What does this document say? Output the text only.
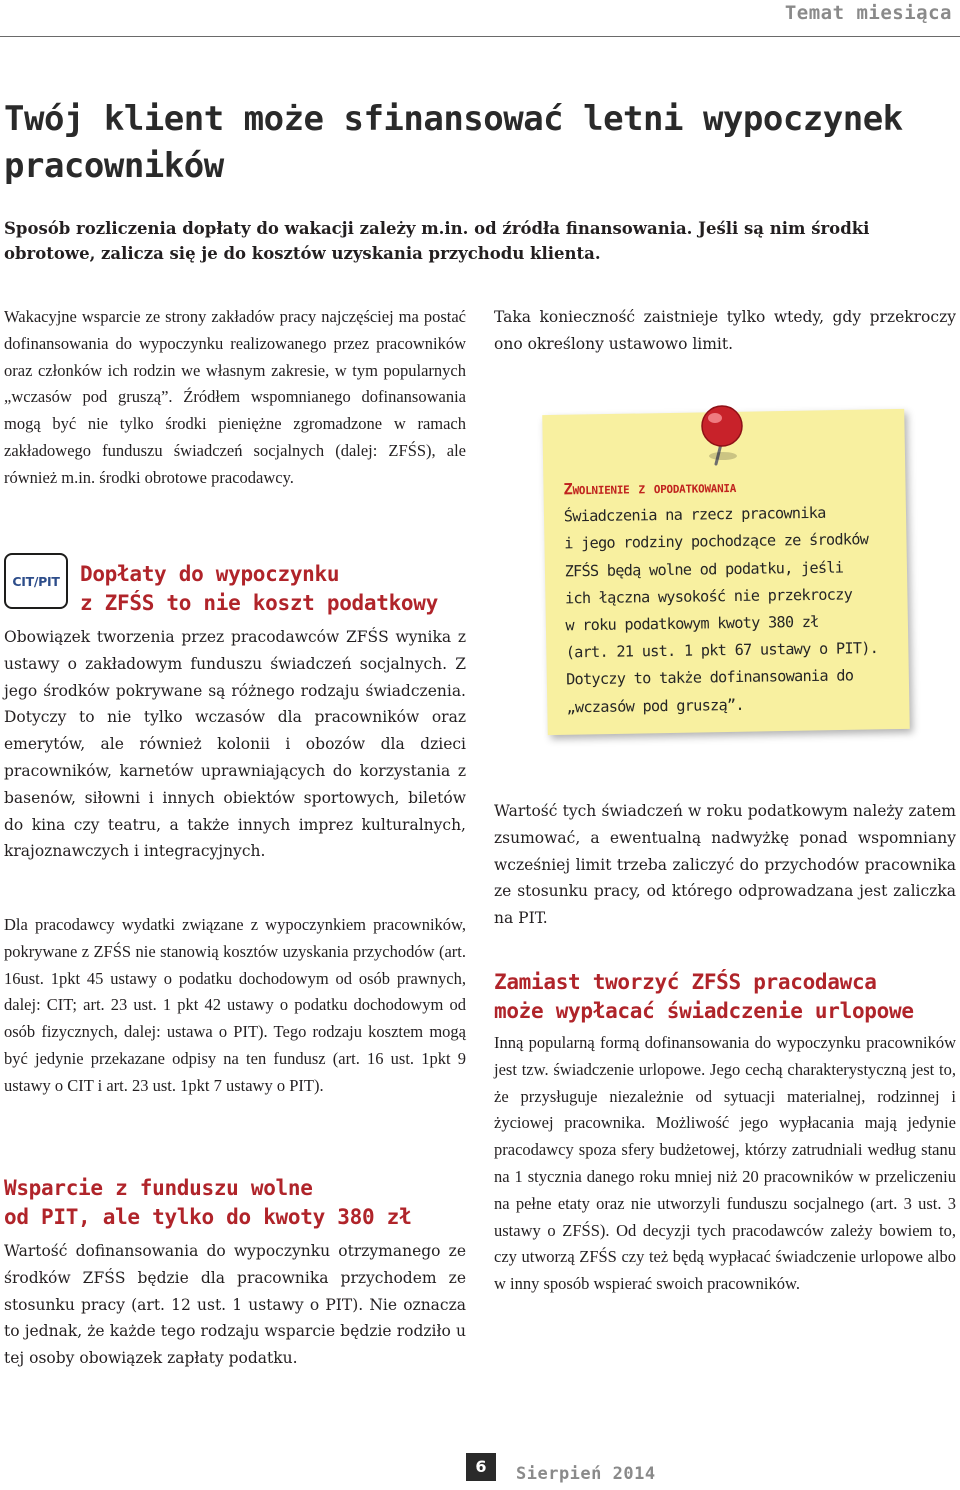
Temat miesiąca

Twój klient może sfinansować letni wypoczynek pracowników

Sposób rozliczenia dopłaty do wakacji zależy m.in. od źródła finansowania. Jeśli są nim środki obrotowe, zalicza się je do kosztów uzyskania przychodu klienta.

Wakacyjne wsparcie ze strony zakładów pracy najczęściej ma postać dofinansowania do wypoczynku realizowanego przez pracowników oraz członków ich rodzin we własnym zakresie, w tym popularnych „wczasów pod gruszą”. Źródłem wspomnianego dofinansowania mogą być nie tylko środki pieniężne zgromadzone w ramach zakładowego funduszu świadczeń socjalnych (dalej: ZFŚS), ale również m.in. środki obrotowe pracodawcy.

CIT/PIT Dopłaty do wypoczynku

z ZFŚS to nie koszt podatkowy

Obowiązek tworzenia przez pracodawców ZFŚS wynika z ustawy o zakładowym funduszu świadczeń socjalnych. Z jego środków pokrywane są różnego rodzaju świadczenia. Dotyczy to nie tylko wczasów dla pracowników oraz emerytów, ale również kolonii i obozów dla dzieci pracowników, karnetów uprawniających do korzystania z basenów, siłowni i innych obiektów sportowych, biletów do kina czy teatru, a także innych imprez kulturalnych, krajoznawczych i integracyjnych.

Dla pracodawcy wydatki związane z wypoczynkiem pracowników, pokrywane z ZFŚS nie stanowią kosztów uzyskania przychodów (art. 16ust. 1pkt 45 ustawy o podatku dochodowym od osób prawnych, dalej: CIT; art. 23 ust. 1 pkt 42 ustawy o podatku dochodowym od osób fizycznych, dalej: ustawa o PIT). Tego rodzaju kosztem mogą być jedynie przekazane odpisy na ten fundusz (art. 16 ust. 1pkt 9 ustawy o CIT i art. 23 ust. 1pkt 7 ustawy o PIT).

Wsparcie z funduszu wolne

od PIT, ale tylko do kwoty 380 zł

Wartość dofinansowania do wypoczynku otrzymanego ze środków ZFŚS będzie dla pracownika przychodem ze stosunku pracy (art. 12 ust. 1 ustawy o PIT). Nie oznacza to jednak, że każde tego rodzaju wsparcie będzie rodziło u tej osoby obowiązek zapłaty podatku.

Taka konieczność zaistnieje tylko wtedy, gdy przekroczy ono określony ustawowo limit.

Zwolnienie z opodatkowania
Świadczenia na rzecz pracownika
i jego rodziny pochodzące ze środków
ZFŚS będą wolne od podatku, jeśli
ich łączna wysokość nie przekroczy
w roku podatkowym kwoty 380 zł
(art. 21 ust. 1 pkt 67 ustawy o PIT).
Dotyczy to także dofinansowania do
„wczasów pod gruszą”.

Wartość tych świadczeń w roku podatkowym należy zatem zsumować, a ewentualną nadwyżkę ponad wspomniany wcześniej limit trzeba zaliczyć do przychodów pracownika ze stosunku pracy, od którego odprowadzana jest zaliczka na PIT.

Zamiast tworzyć ZFŚS pracodawca

może wypłacać świadczenie urlopowe

Inną popularną formą dofinansowania do wypoczynku pracowników jest tzw. świadczenie urlopowe. Jego cechą charakterystyczną jest to, że przysługuje niezależnie od sytuacji materialnej, rodzinnej i życiowej pracownika. Możliwość jego wypłacania mają jedynie pracodawcy spoza sfery budżetowej, którzy zatrudniali według stanu na 1 stycznia danego roku mniej niż 20 pracowników w przeliczeniu na pełne etaty oraz nie utworzyli funduszu socjalnego (art. 3 ust. 3 ustawy o ZFŚS). Od decyzji tych pracodawców zależy bowiem to, czy utworzą ZFŚS czy też będą wypłacać świadczenie urlopowe albo w inny sposób wspierać swoich pracowników.

6	Sierpień 2014
